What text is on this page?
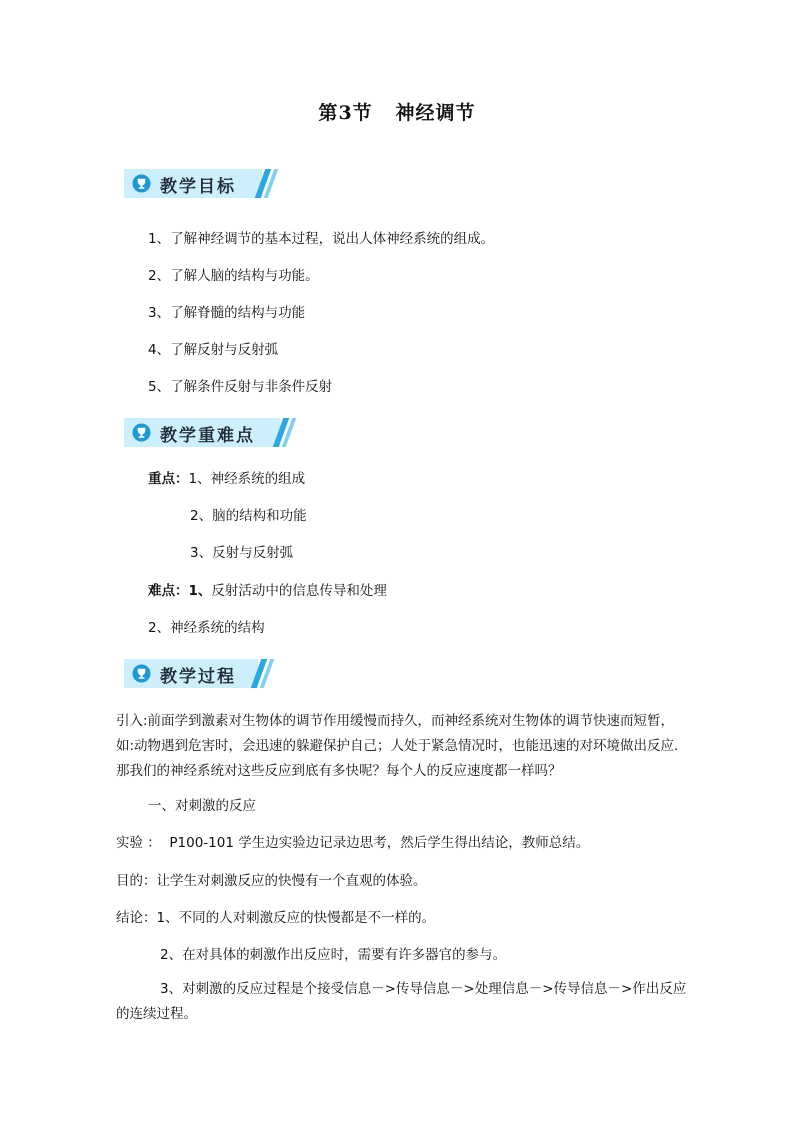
第3节 神经调节
教学目标
1、了解神经调节的基本过程，说出人体神经系统的组成。
2、了解人脑的结构与功能。
3、了解脊髓的结构与功能
4、了解反射与反射弧
5、了解条件反射与非条件反射
教学重难点
重点：1、神经系统的组成
2、脑的结构和功能
3、反射与反射弧
难点：1、反射活动中的信息传导和处理
2、神经系统的结构
教学过程
引入:前面学到激素对生物体的调节作用缓慢而持久，而神经系统对生物体的调节快速而短暂，如:动物遇到危害时，会迅速的躲避保护自己；人处于紧急情况时，也能迅速的对环境做出反应.那我们的神经系统对这些反应到底有多快呢？每个人的反应速度都一样吗？
一、对刺激的反应
实验 ：  P100-101 学生边实验边记录边思考，然后学生得出结论，教师总结。
目的：让学生对刺激反应的快慢有一个直观的体验。
结论：1、不同的人对刺激反应的快慢都是不一样的。
2、在对具体的刺激作出反应时，需要有许多器官的参与。
3、对刺激的反应过程是个接受信息－>传导信息－>处理信息－>传导信息－>作出反应的连续过程。
